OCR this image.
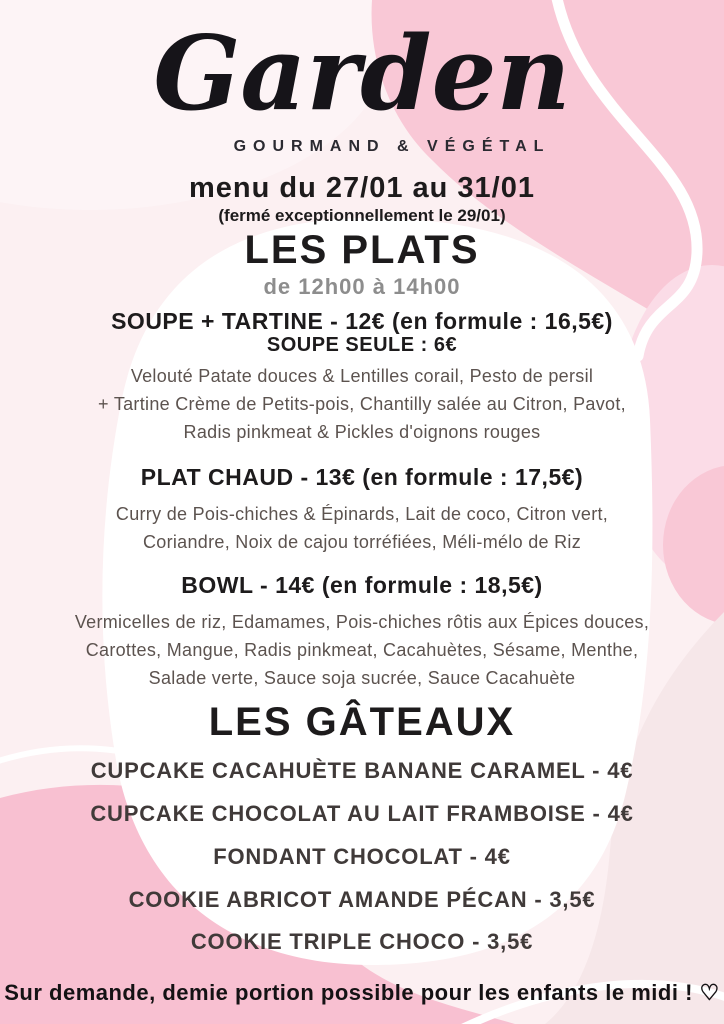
Garden
GOURMAND & VÉGÉTAL
menu du 27/01 au 31/01
(fermé exceptionnellement le 29/01)
LES PLATS
de 12h00 à 14h00
SOUPE + TARTINE - 12€ (en formule : 16,5€)
SOUPE SEULE : 6€
Velouté Patate douces & Lentilles corail, Pesto de persil
+ Tartine Crème de Petits-pois, Chantilly salée au Citron, Pavot,
Radis pinkmeat & Pickles d'oignons rouges
PLAT CHAUD - 13€ (en formule : 17,5€)
Curry de Pois-chiches & Épinards, Lait de coco, Citron vert,
Coriandre, Noix de cajou torréfiées, Méli-mélo de Riz
BOWL - 14€ (en formule : 18,5€)
Vermicelles de riz, Edamames, Pois-chiches rôtis aux Épices douces,
Carottes, Mangue, Radis pinkmeat, Cacahuètes, Sésame, Menthe,
Salade verte, Sauce soja sucrée, Sauce Cacahuète
LES GÂTEAUX
CUPCAKE CACAHUÈTE BANANE CARAMEL - 4€
CUPCAKE CHOCOLAT AU LAIT FRAMBOISE - 4€
FONDANT CHOCOLAT - 4€
COOKIE ABRICOT AMANDE PÉCAN - 3,5€
COOKIE TRIPLE CHOCO - 3,5€
Sur demande, demie portion possible pour les enfants le midi ! ♡
